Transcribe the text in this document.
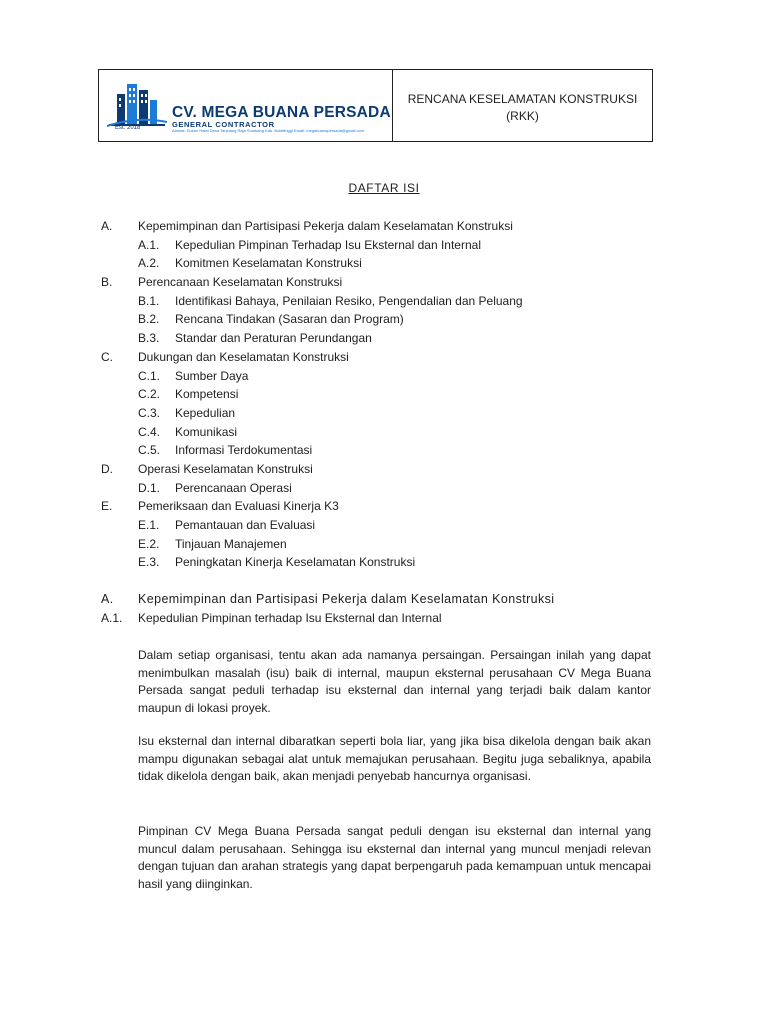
Est. 2018
CV. MEGA BUANA PERSADA
GENERAL CONTRACTOR
Alamat: Dusun Halat Desa Tanjuang Raja Sumbang Kab. Bukittinggi Email: megabuanapersada@gmail.com
RENCANA KESELAMATAN KONSTRUKSI
(RKK)
DAFTAR ISI
A. Kepemimpinan dan Partisipasi Pekerja dalam Keselamatan Konstruksi
A.1. Kepedulian Pimpinan Terhadap Isu Eksternal dan Internal
A.2. Komitmen Keselamatan Konstruksi
B. Perencanaan Keselamatan Konstruksi
B.1. Identifikasi Bahaya, Penilaian Resiko, Pengendalian dan Peluang
B.2. Rencana Tindakan (Sasaran dan Program)
B.3. Standar dan Peraturan Perundangan
C. Dukungan dan Keselamatan Konstruksi
C.1. Sumber Daya
C.2. Kompetensi
C.3. Kepedulian
C.4. Komunikasi
C.5. Informasi Terdokumentasi
D. Operasi Keselamatan Konstruksi
D.1. Perencanaan Operasi
E. Pemeriksaan dan Evaluasi Kinerja K3
E.1. Pemantauan dan Evaluasi
E.2. Tinjauan Manajemen
E.3. Peningkatan Kinerja Keselamatan Konstruksi
A. Kepemimpinan dan Partisipasi Pekerja dalam Keselamatan Konstruksi
A.1. Kepedulian Pimpinan terhadap Isu Eksternal dan Internal
Dalam setiap organisasi, tentu akan ada namanya persaingan. Persaingan inilah yang dapat menimbulkan masalah (isu) baik di internal, maupun eksternal perusahaan CV Mega Buana Persada sangat peduli terhadap isu eksternal dan internal yang terjadi baik dalam kantor maupun di lokasi proyek.
Isu eksternal dan internal dibaratkan seperti bola liar, yang jika bisa dikelola dengan baik akan mampu digunakan sebagai alat untuk memajukan perusahaan. Begitu juga sebaliknya, apabila tidak dikelola dengan baik, akan menjadi penyebab hancurnya organisasi.
Pimpinan CV Mega Buana Persada sangat peduli dengan isu eksternal dan internal yang muncul dalam perusahaan. Sehingga isu eksternal dan internal yang muncul menjadi relevan dengan tujuan dan arahan strategis yang dapat berpengaruh pada kemampuan untuk mencapai hasil yang diinginkan.
